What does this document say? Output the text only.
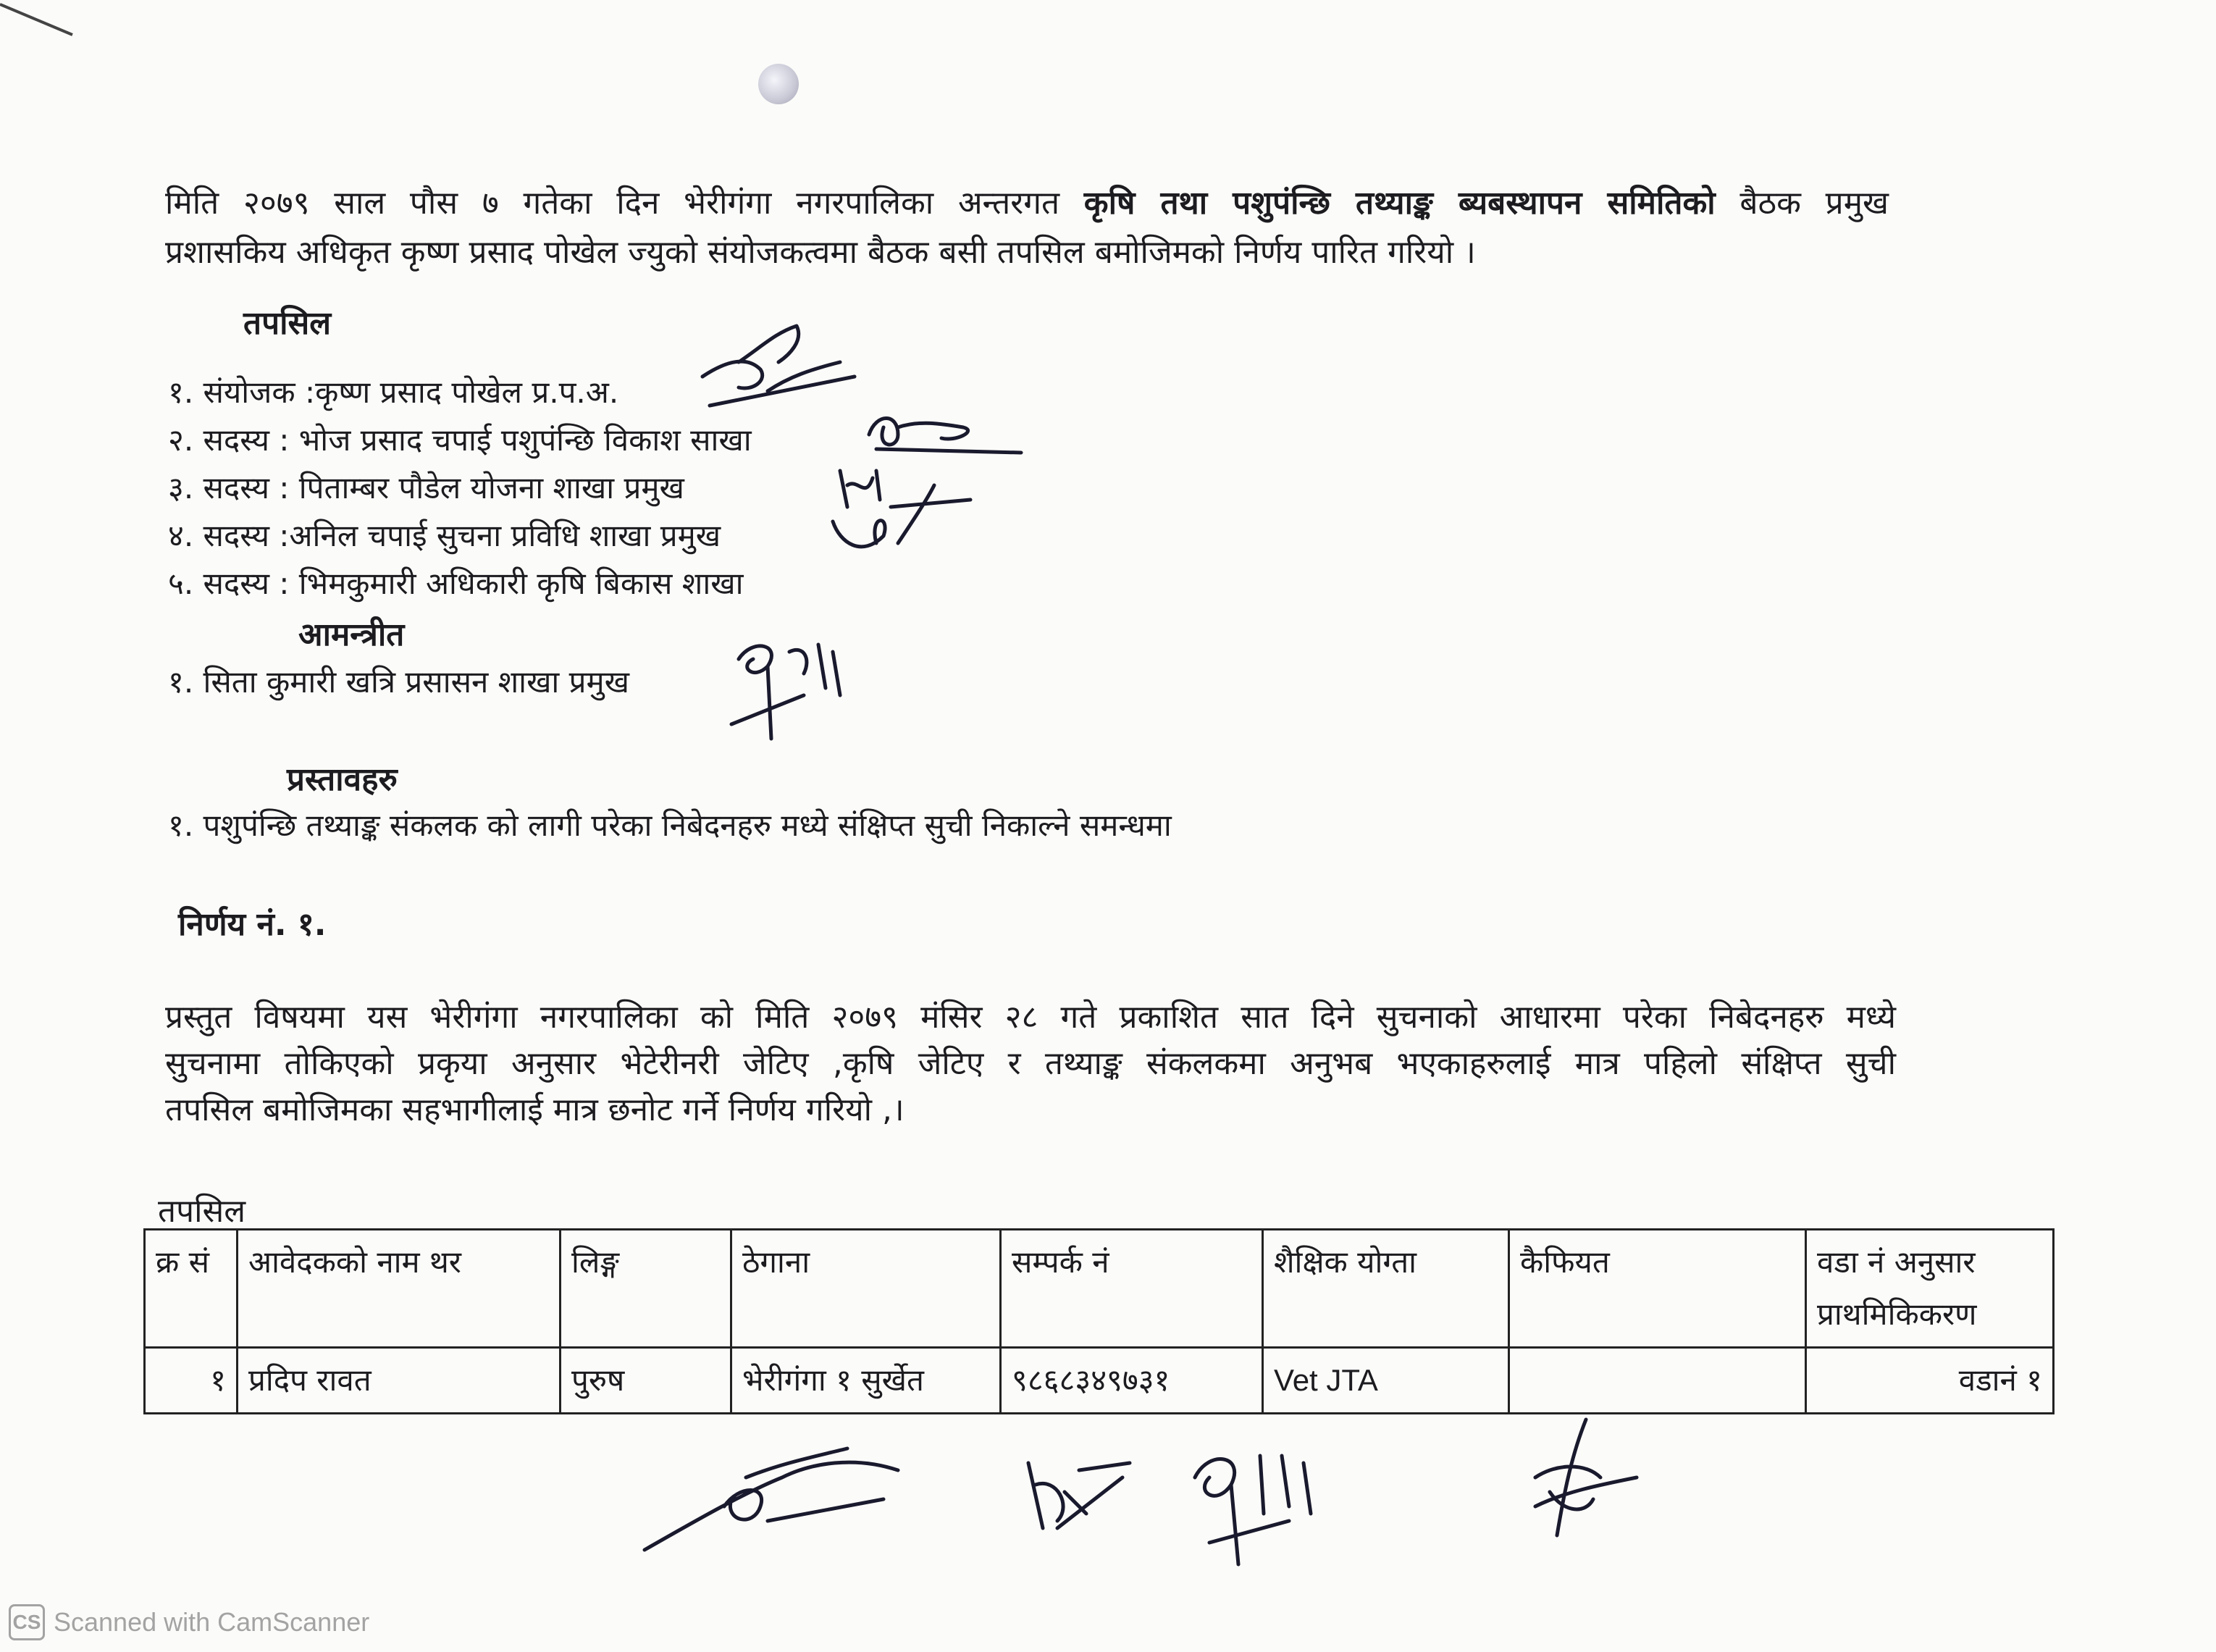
मिति २०७९ साल पौस ७ गतेका दिन भेरीगंगा नगरपालिका अन्तरगत कृषि तथा पशुपंन्छि तथ्याङ्क ब्यबस्थापन समितिको बैठक प्रमुख

प्रशासकिय अधिकृत कृष्ण प्रसाद पोखेल ज्युको संयोजकत्वमा बैठक बसी तपसिल बमोजिमको निर्णय पारित गरियो ।

तपसिल

१. संयोजक :कृष्ण प्रसाद पोखेल प्र.प.अ.

२. सदस्य : भोज प्रसाद चपाई पशुपंन्छि विकाश साखा

३. सदस्य : पिताम्बर पौडेल योजना शाखा प्रमुख

४. सदस्य :अनिल चपाई सुचना प्रविधि शाखा प्रमुख

५. सदस्य : भिमकुमारी अधिकारी कृषि बिकास शाखा

आमन्त्रीत

१. सिता कुमारी खत्रि प्रसासन शाखा प्रमुख

प्रस्तावहरु

१. पशुपंन्छि तथ्याङ्क संकलक को लागी परेका निबेदनहरु मध्ये संक्षिप्त सुची निकाल्ने समन्धमा

निर्णय नं. १.

प्रस्तुत विषयमा यस भेरीगंगा नगरपालिका को मिति २०७९ मंसिर २८ गते प्रकाशित सात दिने सुचनाको आधारमा परेका निबेदनहरु मध्ये

सुचनामा तोकिएको प्रकृया अनुसार भेटेरीनरी जेटिए ,कृषि जेटिए र तथ्याङ्क संकलकमा अनुभब भएकाहरुलाई मात्र पहिलो संक्षिप्त सुची

तपसिल बमोजिमका सहभागीलाई मात्र छनोट गर्ने निर्णय गरियो ,।

तपसिल

क्र सं	आवेदकको नाम थर	लिङ्ग	ठेगाना	सम्पर्क नं	शैक्षिक योग्ता	कैफियत	वडा नं अनुसार प्राथमिकिकरण
१	प्रदिप रावत	पुरुष	भेरीगंगा १ सुर्खेत	९८६८३४९७३१	Vet JTA		वडानं १
CS Scanned with CamScanner
